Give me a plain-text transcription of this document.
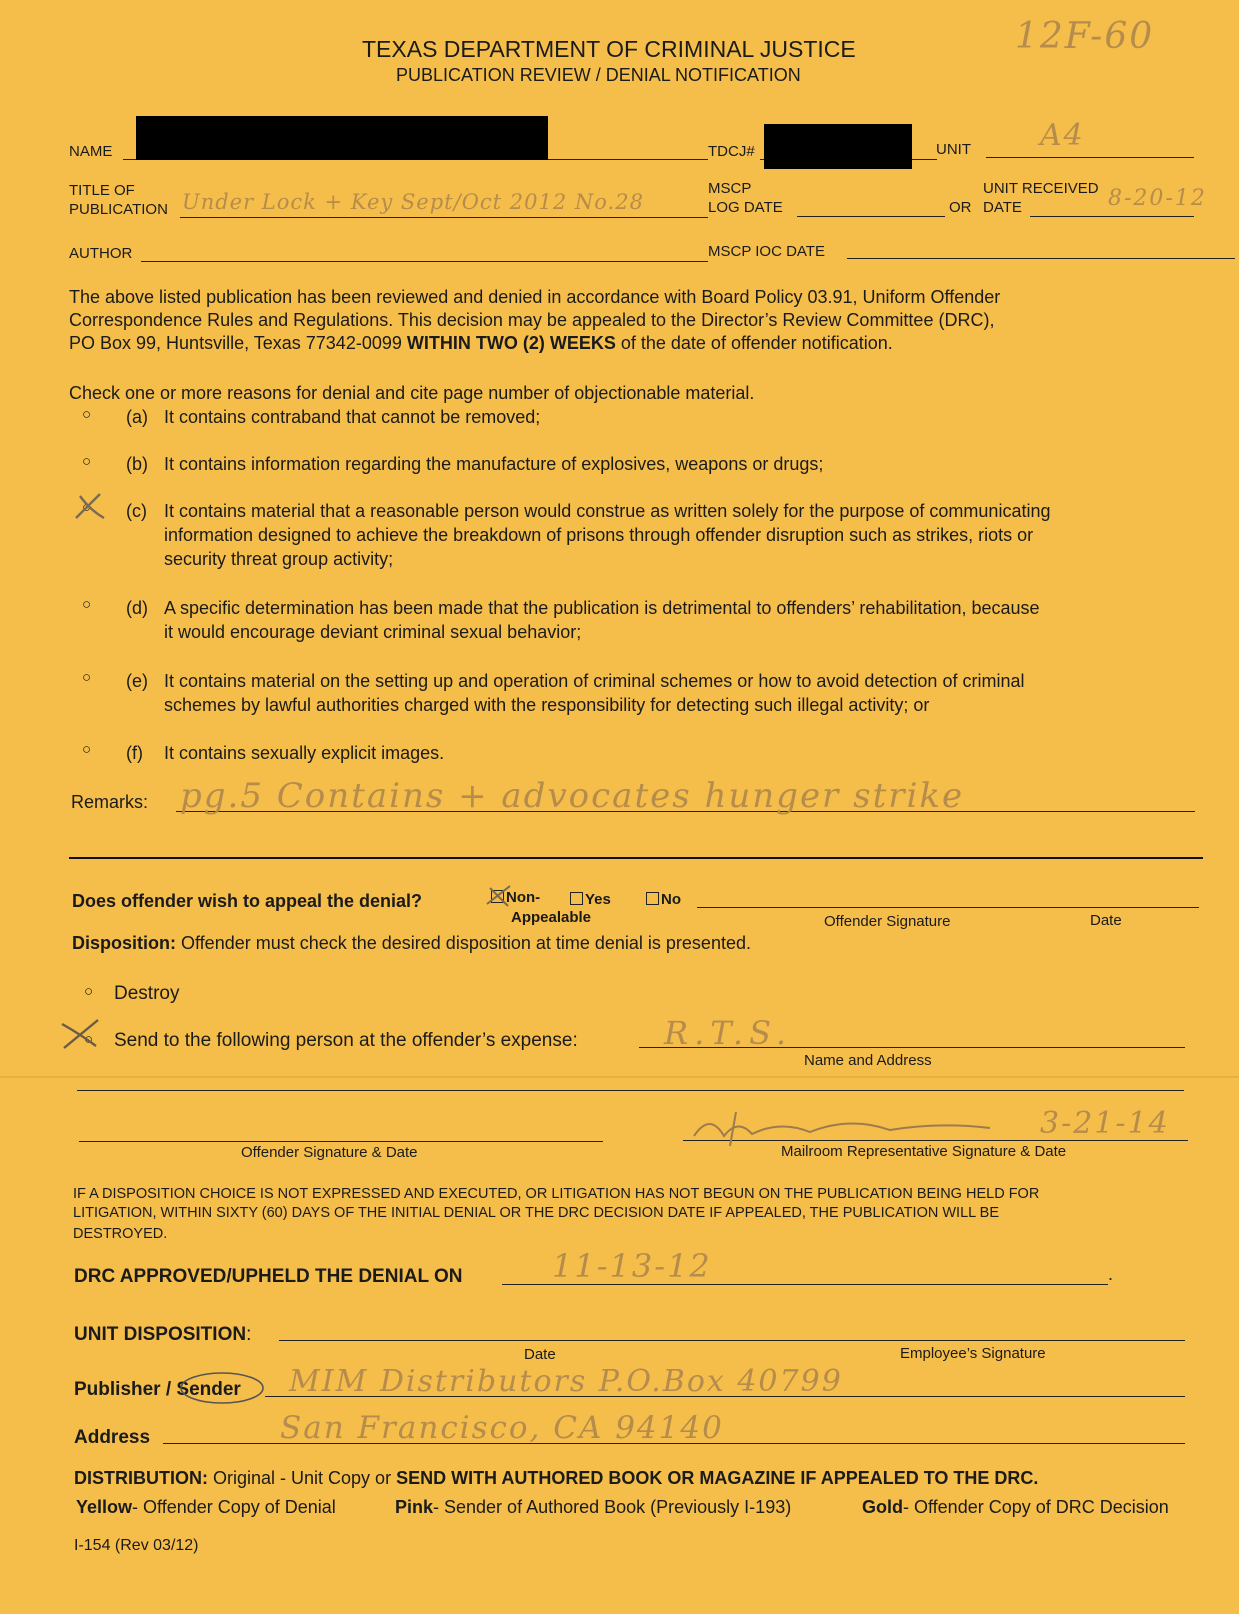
TEXAS DEPARTMENT OF CRIMINAL JUSTICE
PUBLICATION REVIEW / DENIAL NOTIFICATION
12F-60
NAME	TDCJ#	UNIT A4
TITLE OF
PUBLICATION Under Lock + Key Sept/Oct 2012 No.28
MSCP
LOG DATE	OR
UNIT RECEIVED
DATE	8-20-12
AUTHOR	MSCP IOC DATE
The above listed publication has been reviewed and denied in accordance with Board Policy 03.91, Uniform Offender
Correspondence Rules and Regulations. This decision may be appealed to the Director’s Review Committee (DRC),
PO Box 99, Huntsville, Texas 77342-0099 WITHIN TWO (2) WEEKS of the date of offender notification.
Check one or more reasons for denial and cite page number of objectionable material.
○ (a) It contains contraband that cannot be removed;
○ (b) It contains information regarding the manufacture of explosives, weapons or drugs;
○ (c) It contains material that a reasonable person would construe as written solely for the purpose of communicating
information designed to achieve the breakdown of prisons through offender disruption such as strikes, riots or
security threat group activity;
○ (d) A specific determination has been made that the publication is detrimental to offenders’ rehabilitation, because
it would encourage deviant criminal sexual behavior;
○ (e) It contains material on the setting up and operation of criminal schemes or how to avoid detection of criminal
schemes by lawful authorities charged with the responsibility for detecting such illegal activity; or
○ (f) It contains sexually explicit images.
Remarks: pg.5 Contains + advocates hunger strike
Does offender wish to appeal the denial?	Non-
Appealable
Yes	No
Offender Signature	Date
Disposition: Offender must check the desired disposition at time denial is presented.
○ Destroy
○ Send to the following person at the offender’s expense:	R.T.S.
Name and Address
Offender Signature & Date
3-21-14
Mailroom Representative Signature & Date
IF A DISPOSITION CHOICE IS NOT EXPRESSED AND EXECUTED, OR LITIGATION HAS NOT BEGUN ON THE PUBLICATION BEING HELD FOR
LITIGATION, WITHIN SIXTY (60) DAYS OF THE INITIAL DENIAL OR THE DRC DECISION DATE IF APPEALED, THE PUBLICATION WILL BE
DESTROYED.
DRC APPROVED/UPHELD THE DENIAL ON	.
11-13-12
UNIT DISPOSITION:
Date	Employee’s Signature
Publisher / Sender MIM Distributors P.O.Box 40799
Address	San Francisco, CA 94140
DISTRIBUTION: Original - Unit Copy or SEND WITH AUTHORED BOOK OR MAGAZINE IF APPEALED TO THE DRC.
Yellow- Offender Copy of Denial	Pink- Sender of Authored Book (Previously I-193)	Gold- Offender Copy of DRC Decision
I-154 (Rev 03/12)
